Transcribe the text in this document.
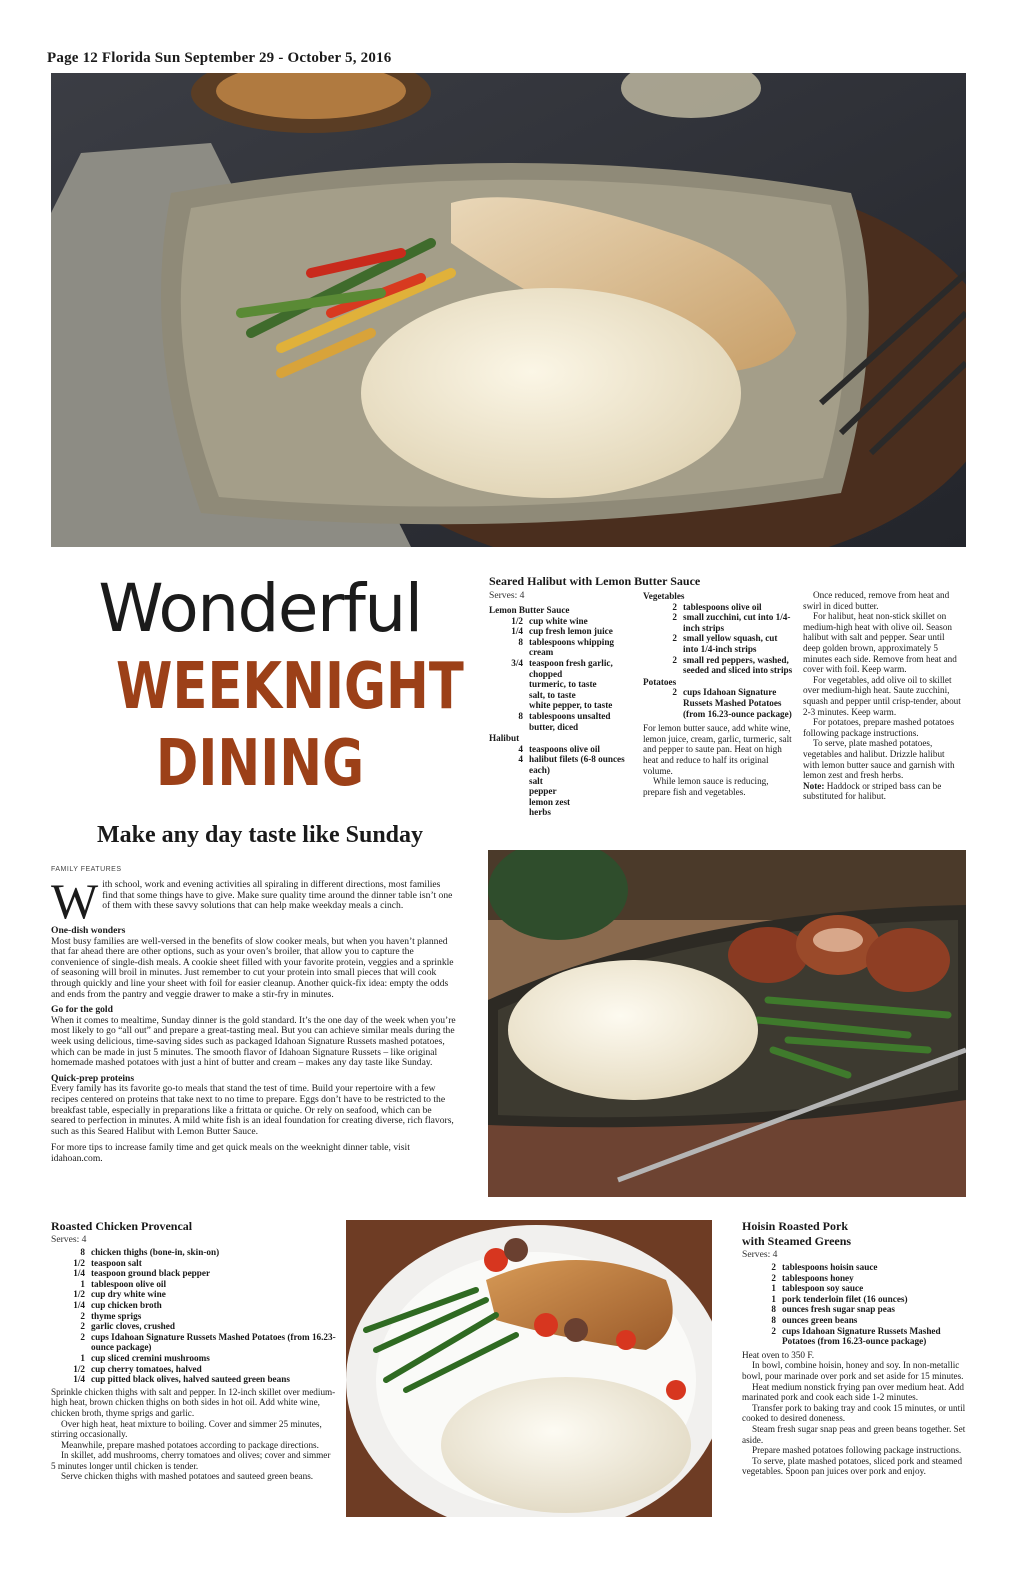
Page 12 Florida Sun September 29 - October 5, 2016
Wonderful
WEEKNIGHT
DINING
Make any day taste like Sunday
FAMILY FEATURES

With school, work and evening activities all spiraling in different directions, most families find that some things have to give. Make sure quality time around the dinner table isn’t one of them with these savvy solutions that can help make weekday meals a cinch.

One-dish wonders

Most busy families are well-versed in the benefits of slow cooker meals, but when you haven’t planned that far ahead there are other options, such as your oven’s broiler, that allow you to capture the convenience of single-dish meals. A cookie sheet filled with your favorite protein, veggies and a sprinkle of seasoning will broil in minutes. Just remember to cut your protein into small pieces that will cook through quickly and line your sheet with foil for easier cleanup. Another quick-fix idea: empty the odds and ends from the pantry and veggie drawer to make a stir-fry in minutes.

Go for the gold

When it comes to mealtime, Sunday dinner is the gold standard. It’s the one day of the week when you’re most likely to go “all out” and prepare a great-tasting meal. But you can achieve similar meals during the week using delicious, time-saving sides such as packaged Idahoan Signature Russets mashed potatoes, which can be made in just 5 minutes. The smooth flavor of Idahoan Signature Russets – like original homemade mashed potatoes with just a hint of butter and cream – makes any day taste like Sunday.

Quick-prep proteins

Every family has its favorite go-to meals that stand the test of time. Build your repertoire with a few recipes centered on proteins that take next to no time to prepare. Eggs don’t have to be restricted to the breakfast table, especially in preparations like a frittata or quiche. Or rely on seafood, which can be seared to perfection in minutes. A mild white fish is an ideal foundation for creating diverse, rich flavors, such as this Seared Halibut with Lemon Butter Sauce.

For more tips to increase family time and get quick meals on the weeknight dinner table, visit idahoan.com.

Seared Halibut with Lemon Butter Sauce
Serves: 4
Lemon Butter Sauce
1/2 cup white wine
1/4 cup fresh lemon juice
8 tablespoons whipping cream
3/4 teaspoon fresh garlic, chopped
turmeric, to taste
salt, to taste
white pepper, to taste
8 tablespoons unsalted butter, diced
Halibut
4 teaspoons olive oil
4 halibut filets (6-8 ounces each)
salt
pepper
lemon zest
herbs
Vegetables
2 tablespoons olive oil
2 small zucchini, cut into 1/4-inch strips
2 small yellow squash, cut into 1/4-inch strips
2 small red peppers, washed, seeded and sliced into strips
Potatoes
2 cups Idahoan Signature Russets Mashed Potatoes (from 16.23-ounce package)

For lemon butter sauce, add white wine, lemon juice, cream, garlic, turmeric, salt and pepper to saute pan. Heat on high heat and reduce to half its original volume.

While lemon sauce is reducing, prepare fish and vegetables.

Once reduced, remove from heat and swirl in diced butter.

For halibut, heat non-stick skillet on medium-high heat with olive oil. Season halibut with salt and pepper. Sear until deep golden brown, approximately 5 minutes each side. Remove from heat and cover with foil. Keep warm.

For vegetables, add olive oil to skillet over medium-high heat. Saute zucchini, squash and pepper until crisp-tender, about 2-3 minutes. Keep warm.

For potatoes, prepare mashed potatoes following package instructions.

To serve, plate mashed potatoes, vegetables and halibut. Drizzle halibut with lemon butter sauce and garnish with lemon zest and fresh herbs.

Note: Haddock or striped bass can be substituted for halibut.

Roasted Chicken Provencal
Serves: 4
8 chicken thighs (bone-in, skin-on)
1/2 teaspoon salt
1/4 teaspoon ground black pepper
1 tablespoon olive oil
1/2 cup dry white wine
1/4 cup chicken broth
2 thyme sprigs
2 garlic cloves, crushed
2 cups Idahoan Signature Russets Mashed Potatoes (from 16.23-ounce package)
1 cup sliced cremini mushrooms
1/2 cup cherry tomatoes, halved
1/4 cup pitted black olives, halved sauteed green beans

Sprinkle chicken thighs with salt and pepper. In 12-inch skillet over medium-high heat, brown chicken thighs on both sides in hot oil. Add white wine, chicken broth, thyme sprigs and garlic.

Over high heat, heat mixture to boiling. Cover and simmer 25 minutes, stirring occasionally.

Meanwhile, prepare mashed potatoes according to package directions.

In skillet, add mushrooms, cherry tomatoes and olives; cover and simmer 5 minutes longer until chicken is tender.

Serve chicken thighs with mashed potatoes and sauteed green beans.

Hoisin Roasted Pork
with Steamed Greens
Serves: 4
2 tablespoons hoisin sauce
2 tablespoons honey
1 tablespoon soy sauce
1 pork tenderloin filet (16 ounces)
8 ounces fresh sugar snap peas
8 ounces green beans
2 cups Idahoan Signature Russets Mashed Potatoes (from 16.23-ounce package)

Heat oven to 350 F.

In bowl, combine hoisin, honey and soy. In non-metallic bowl, pour marinade over pork and set aside for 15 minutes.

Heat medium nonstick frying pan over medium heat. Add marinated pork and cook each side 1-2 minutes.

Transfer pork to baking tray and cook 15 minutes, or until cooked to desired doneness.

Steam fresh sugar snap peas and green beans together. Set aside.

Prepare mashed potatoes following package instructions.

To serve, plate mashed potatoes, sliced pork and steamed vegetables. Spoon pan juices over pork and enjoy.
